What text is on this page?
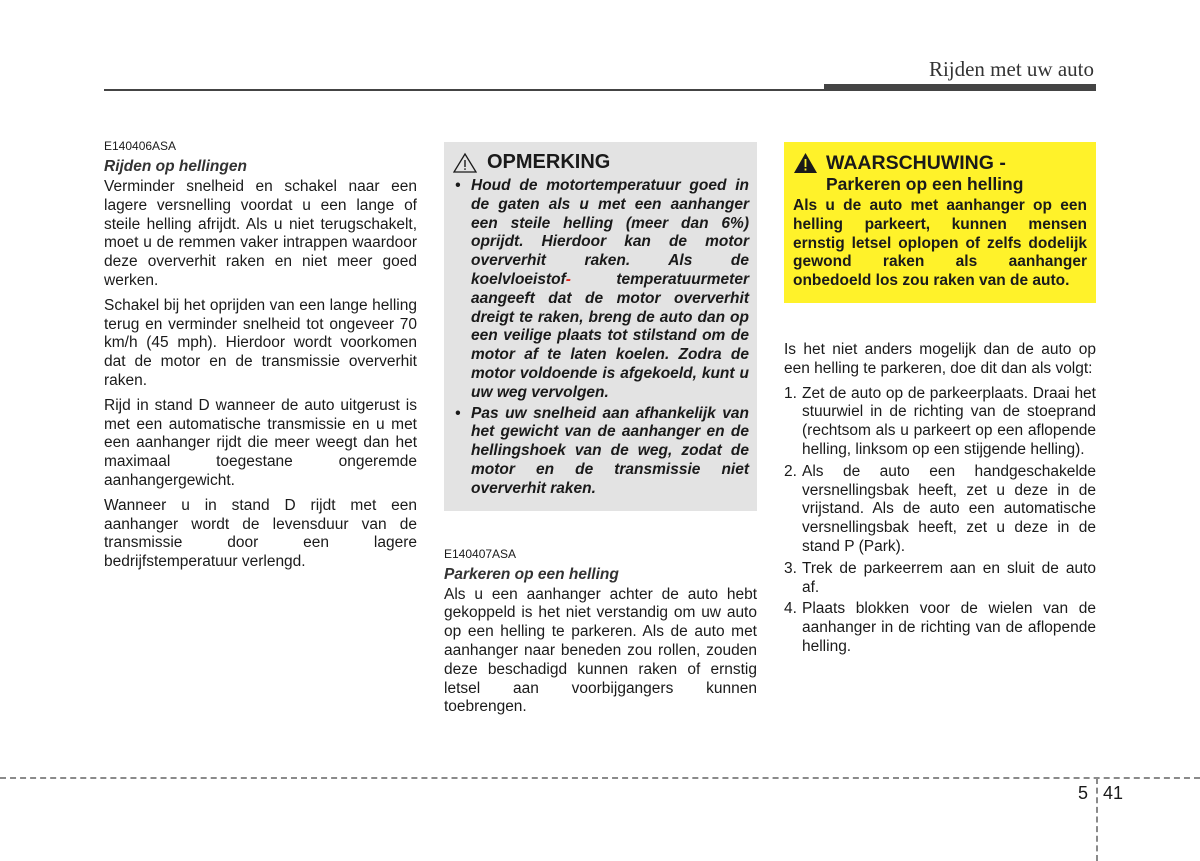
Rijden met uw auto
E140406ASA
Rijden op hellingen

Verminder snelheid en schakel naar een lagere versnelling voordat u een lange of steile helling afrijdt. Als u niet terugschakelt, moet u de remmen vaker intrappen waardoor deze oververhit raken en niet meer goed werken.

Schakel bij het oprijden van een lange helling terug en verminder snelheid tot ongeveer 70 km/h (45 mph). Hierdoor wordt voorkomen dat de motor en de transmissie oververhit raken.

Rijd in stand D wanneer de auto uitgerust is met een automatische transmissie en u met een aanhanger rijdt die meer weegt dan het maximaal toegestane ongeremde aanhangergewicht.

Wanneer u in stand D rijdt met een aanhanger wordt de levensduur van de transmissie door een lagere bedrijfstemperatuur verlengd.

OPMERKING
• Houd de motortemperatuur goed in de gaten als u met een aanhanger een steile helling (meer dan 6%) oprijdt. Hierdoor kan de motor oververhit raken. Als de koelvloeistof-	temperatuurmeter aangeeft dat de motor oververhit dreigt te raken, breng de auto dan op een veilige plaats tot stilstand om de motor af te laten koelen. Zodra de motor voldoende is afgekoeld, kunt u uw weg vervolgen.
• Pas uw snelheid aan afhankelijk van het gewicht van de aanhanger en de hellingshoek van de weg, zodat de motor en de transmissie niet oververhit raken.
E140407ASA
Parkeren op een helling

Als u een aanhanger achter de auto hebt gekoppeld is het niet verstandig om uw auto op een helling te parkeren. Als de auto met aanhanger naar beneden zou rollen, zouden deze beschadigd kunnen raken of ernstig letsel aan voorbijgangers kunnen toebrengen.

WAARSCHUWING -
Parkeren op een helling
Als u de auto met aanhanger op een helling parkeert, kunnen mensen ernstig letsel oplopen of zelfs dodelijk gewond raken als aanhanger onbedoeld los zou raken van de auto.

Is het niet anders mogelijk dan de auto op een helling te parkeren, doe dit dan als volgt:

1. Zet de auto op de parkeerplaats. Draai het stuurwiel in de richting van de stoeprand (rechtsom als u parkeert op een aflopende helling, linksom op een stijgende helling).
2. Als de auto een handgeschakelde versnellingsbak heeft, zet u deze in de vrijstand. Als de auto een automatische versnellingsbak heeft, zet u deze in de stand P (Park).
3. Trek de parkeerrem aan en sluit de auto af.
4. Plaats blokken voor de wielen van de aanhanger in de richting van de aflopende helling.
5 41
